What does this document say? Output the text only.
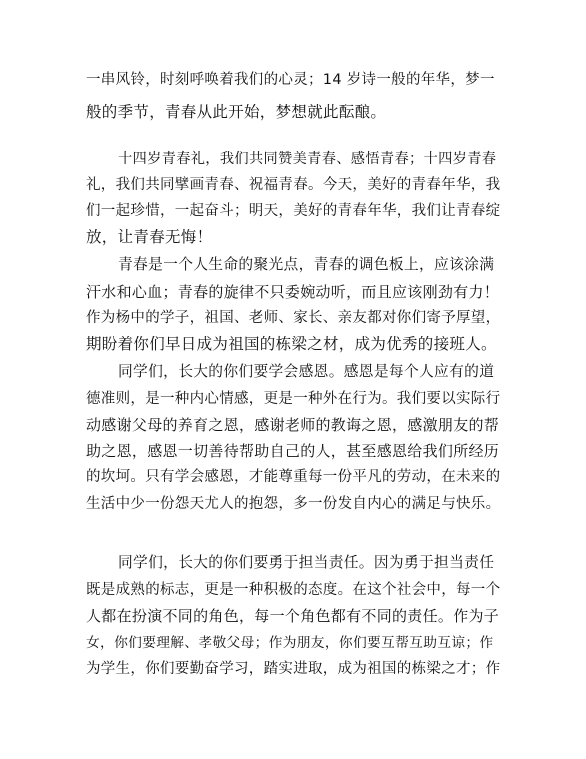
一串风铃，时刻呼唤着我们的心灵；14 岁诗一般的年华，梦一
般的季节，青春从此开始，梦想就此酝酿。
十四岁青春礼，我们共同赞美青春、感悟青春；十四岁青春
礼，我们共同擘画青春、祝福青春。今天，美好的青春年华，我
们一起珍惜，一起奋斗；明天，美好的青春年华，我们让青春绽
放，让青春无悔！
青春是一个人生命的聚光点，青春的调色板上，应该涂满
汗水和心血；青春的旋律不只委婉动听，而且应该刚劲有力！
作为杨中的学子，祖国、老师、家长、亲友都对你们寄予厚望，
期盼着你们早日成为祖国的栋梁之材，成为优秀的接班人。
同学们，长大的你们要学会感恩。感恩是每个人应有的道
德准则，是一种内心情感，更是一种外在行为。我们要以实际行
动感谢父母的养育之恩，感谢老师的教诲之恩，感激朋友的帮
助之恩，感恩一切善待帮助自己的人，甚至感恩给我们所经历
的坎坷。只有学会感恩，才能尊重每一份平凡的劳动，在未来的
生活中少一份怨天尤人的抱怨，多一份发自内心的满足与快乐。
同学们，长大的你们要勇于担当责任。因为勇于担当责任
既是成熟的标志，更是一种积极的态度。在这个社会中，每一个
人都在扮演不同的角色，每一个角色都有不同的责任。作为子
女，你们要理解、孝敬父母；作为朋友，你们要互帮互助互谅；作
为学生，你们要勤奋学习，踏实进取，成为祖国的栋梁之才；作
